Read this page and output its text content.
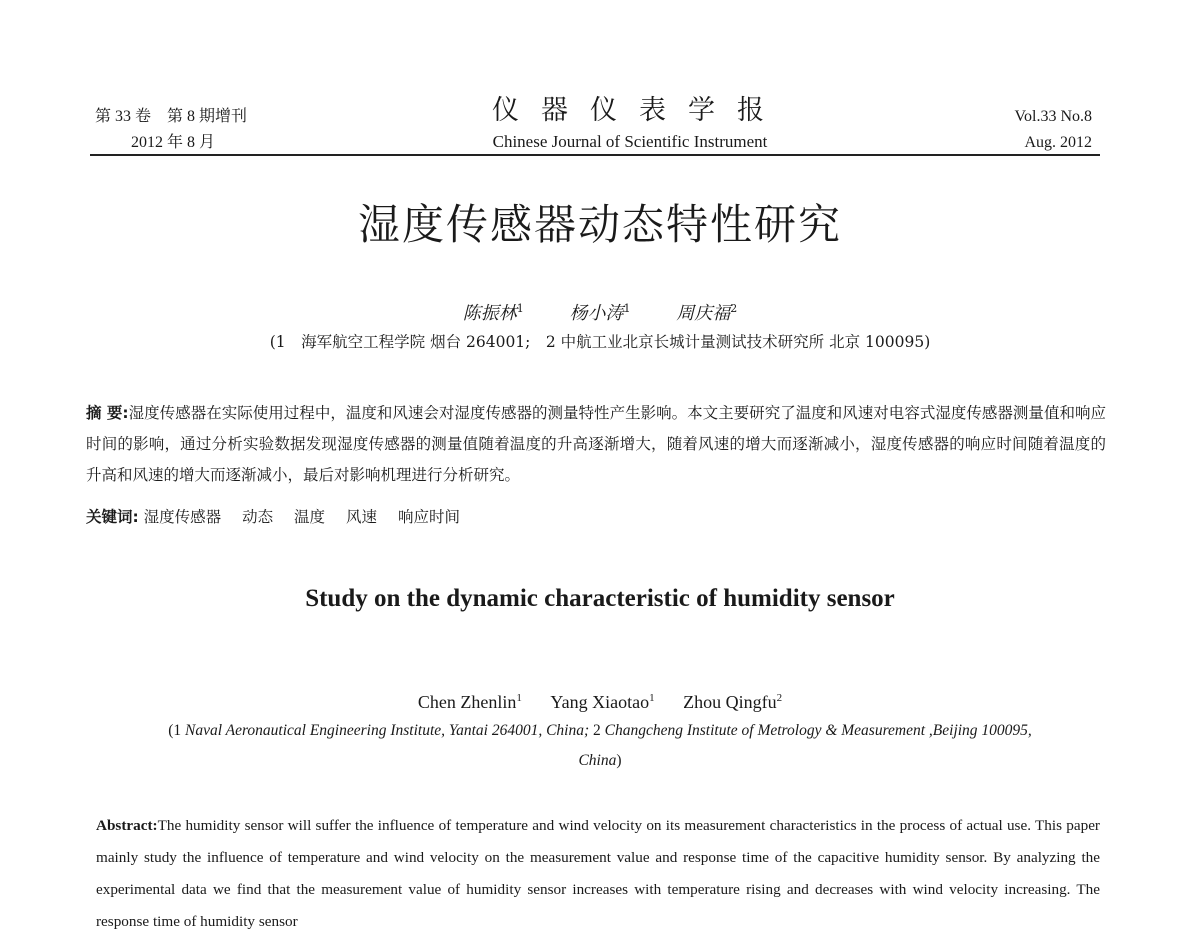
第 33 卷　第 8 期增刊
2012 年 8 月
仪器仪表学报
Chinese Journal of Scientific Instrument
Vol.33 No.8
Aug. 2012
湿度传感器动态特性研究
陈振林$^1$	杨小涛$^1$	周庆福$^2$
(1　海军航空工程学院 烟台 264001;　2 中航工业北京长城计量测试技术研究所 北京 100095)
摘 要:湿度传感器在实际使用过程中，温度和风速会对湿度传感器的测量特性产生影响。本文主要研究了温度和风速对电容式湿度传感器测量值和响应时间的影响，通过分析实验数据发现湿度传感器的测量值随着温度的升高逐渐增大，随着风速的增大而逐渐减小，湿度传感器的响应时间随着温度的升高和风速的增大而逐渐减小，最后对影响机理进行分析研究。
关键词: 湿度传感器 动态 温度 风速 响应时间
Study on the dynamic characteristic of humidity sensor
Chen Zhenlin$^1$ Yang Xiaotao$^1$ Zhou Qingfu$^2$
(1 Naval Aeronautical Engineering Institute, Yantai 264001, China; 2 Changcheng Institute of Metrology & Measurement ,Beijing 100095, China)
Abstract:The humidity sensor will suffer the influence of temperature and wind velocity on its measurement characteristics in the process of actual use. This paper mainly study the influence of temperature and wind velocity on the measurement value and response time of the capacitive humidity sensor. By analyzing the experimental data we find that the measurement value of humidity sensor increases with temperature rising and decreases with wind velocity increasing. The response time of humidity sensor
